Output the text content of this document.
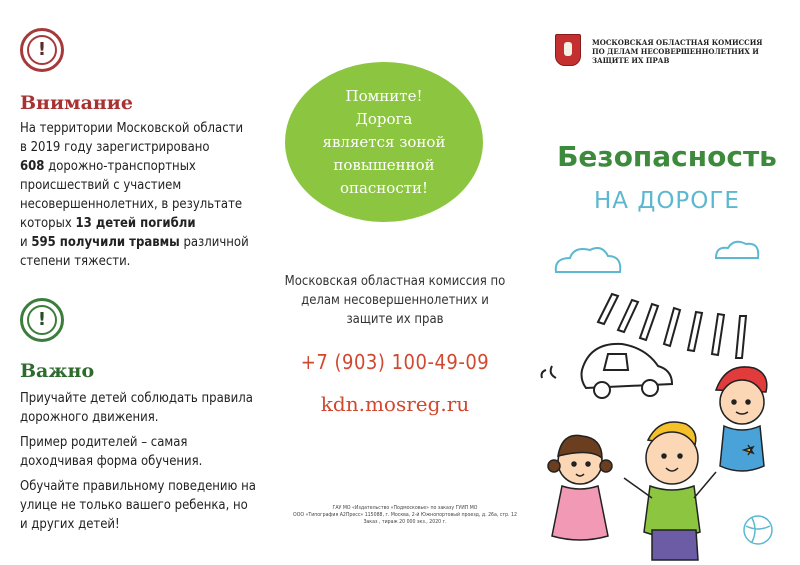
!
Внимание
На территории Московской области
в 2019 году зарегистрировано
608 дорожно-транспортных
происшествий с участием
несовершеннолетних, в результате
которых 13 детей погибли
и 595 получили травмы различной
степени тяжести.
!
Важно

Приучайте детей соблюдать правила дорожного движения.

Пример родителей – самая доходчивая форма обучения.

Обучайте правильному поведению на улице не только вашего ребенка, но и других детей!

Помните! Дорога является зоной повышенной опасности!
Московская областная комиссия по делам несовершеннолетних и защите их прав
+7 (903) 100-49-09
kdn.mosreg.ru
ГАУ МО «Издательство «Подмосковье» по заказу ГУИП МО
ООО «Типография А2Пресс» 115088, г. Москва, 2-й Южнопортовый проезд, д. 26а, стр. 12
Заказ , тираж 20 000 экз., 2020 г.
МОСКОВСКАЯ ОБЛАСТНАЯ КОМИССИЯ ПО ДЕЛАМ НЕСОВЕРШЕННОЛЕТНИХ И ЗАЩИТЕ ИХ ПРАВ
Безопасность
НА ДОРОГЕ
